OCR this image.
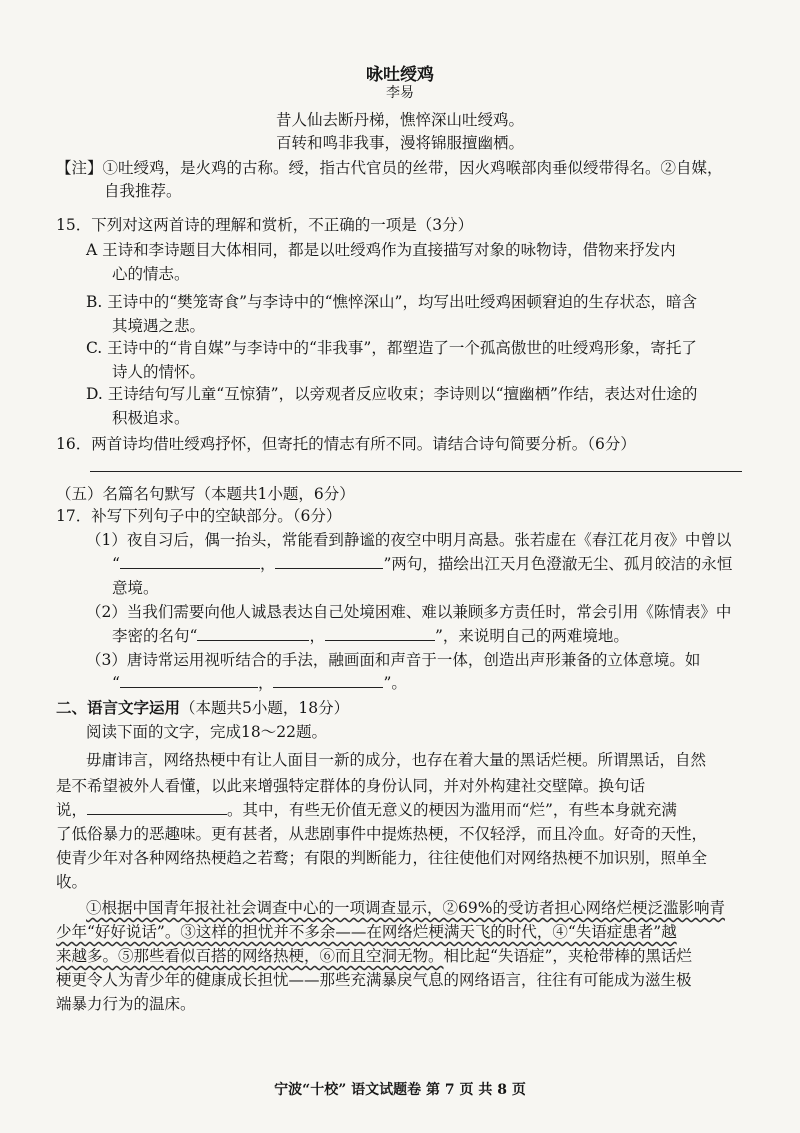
咏吐绶鸡
李易
昔人仙去断丹梯，憔悴深山吐绶鸡。
百转和鸣非我事，漫将锦服擅幽栖。
【注】①吐绶鸡，是火鸡的古称。绶，指古代官员的丝带，因火鸡喉部肉垂似绶带得名。②自媒，
自我推荐。
15．下列对这两首诗的理解和赏析，不正确的一项是（3分）
A 王诗和李诗题目大体相同，都是以吐绶鸡作为直接描写对象的咏物诗，借物来抒发内
心的情志。
B. 王诗中的“樊笼寄食”与李诗中的“憔悴深山”，均写出吐绶鸡困顿窘迫的生存状态，暗含
其境遇之悲。
C. 王诗中的“肯自媒”与李诗中的“非我事”，都塑造了一个孤高傲世的吐绶鸡形象，寄托了
诗人的情怀。
D. 王诗结句写儿童“互惊猜”，以旁观者反应收束；李诗则以“擅幽栖”作结，表达对仕途的
积极追求。
16．两首诗均借吐绶鸡抒怀，但寄托的情志有所不同。请结合诗句简要分析。（6分）
（五）名篇名句默写（本题共1小题，6分）
17．补写下列句子中的空缺部分。（6分）
（1）夜自习后，偶一抬头，常能看到静谧的夜空中明月高悬。张若虚在《春江花月夜》中曾以
“	，	”两句，描绘出江天月色澄澈无尘、孤月皎洁的永恒
意境。
（2）当我们需要向他人诚恳表达自己处境困难、难以兼顾多方责任时，常会引用《陈情表》中
李密的名句“	，	”，来说明自己的两难境地。
（3）唐诗常运用视听结合的手法，融画面和声音于一体，创造出声形兼备的立体意境。如
“	，	”。
二、语言文字运用（本题共5小题，18分）
阅读下面的文字，完成18～22题。
毋庸讳言，网络热梗中有让人面目一新的成分，也存在着大量的黑话烂梗。所谓黑话，自然
是不希望被外人看懂，以此来增强特定群体的身份认同，并对外构建社交壁障。换句话
说，	。其中，有些无价值无意义的梗因为滥用而“烂”，有些本身就充满
了低俗暴力的恶趣味。更有甚者，从悲剧事件中提炼热梗，不仅轻浮，而且冷血。好奇的天性，
使青少年对各种网络热梗趋之若鹜；有限的判断能力，往往使他们对网络热梗不加识别，照单全
收。
①根据中国青年报社社会调查中心的一项调查显示，②69%的受访者担心网络烂梗泛滥影响青
少年“好好说话”。③这样的担忧并不多余——在网络烂梗满天飞的时代，④“失语症患者”越
来越多。⑤那些看似百搭的网络热梗，⑥而且空洞无物。相比起“失语症”，夹枪带棒的黑话烂
梗更令人为青少年的健康成长担忧——那些充满暴戾气息的网络语言，往往有可能成为滋生极
端暴力行为的温床。
宁波“十校” 语文试题卷 第 7 页 共 8 页
